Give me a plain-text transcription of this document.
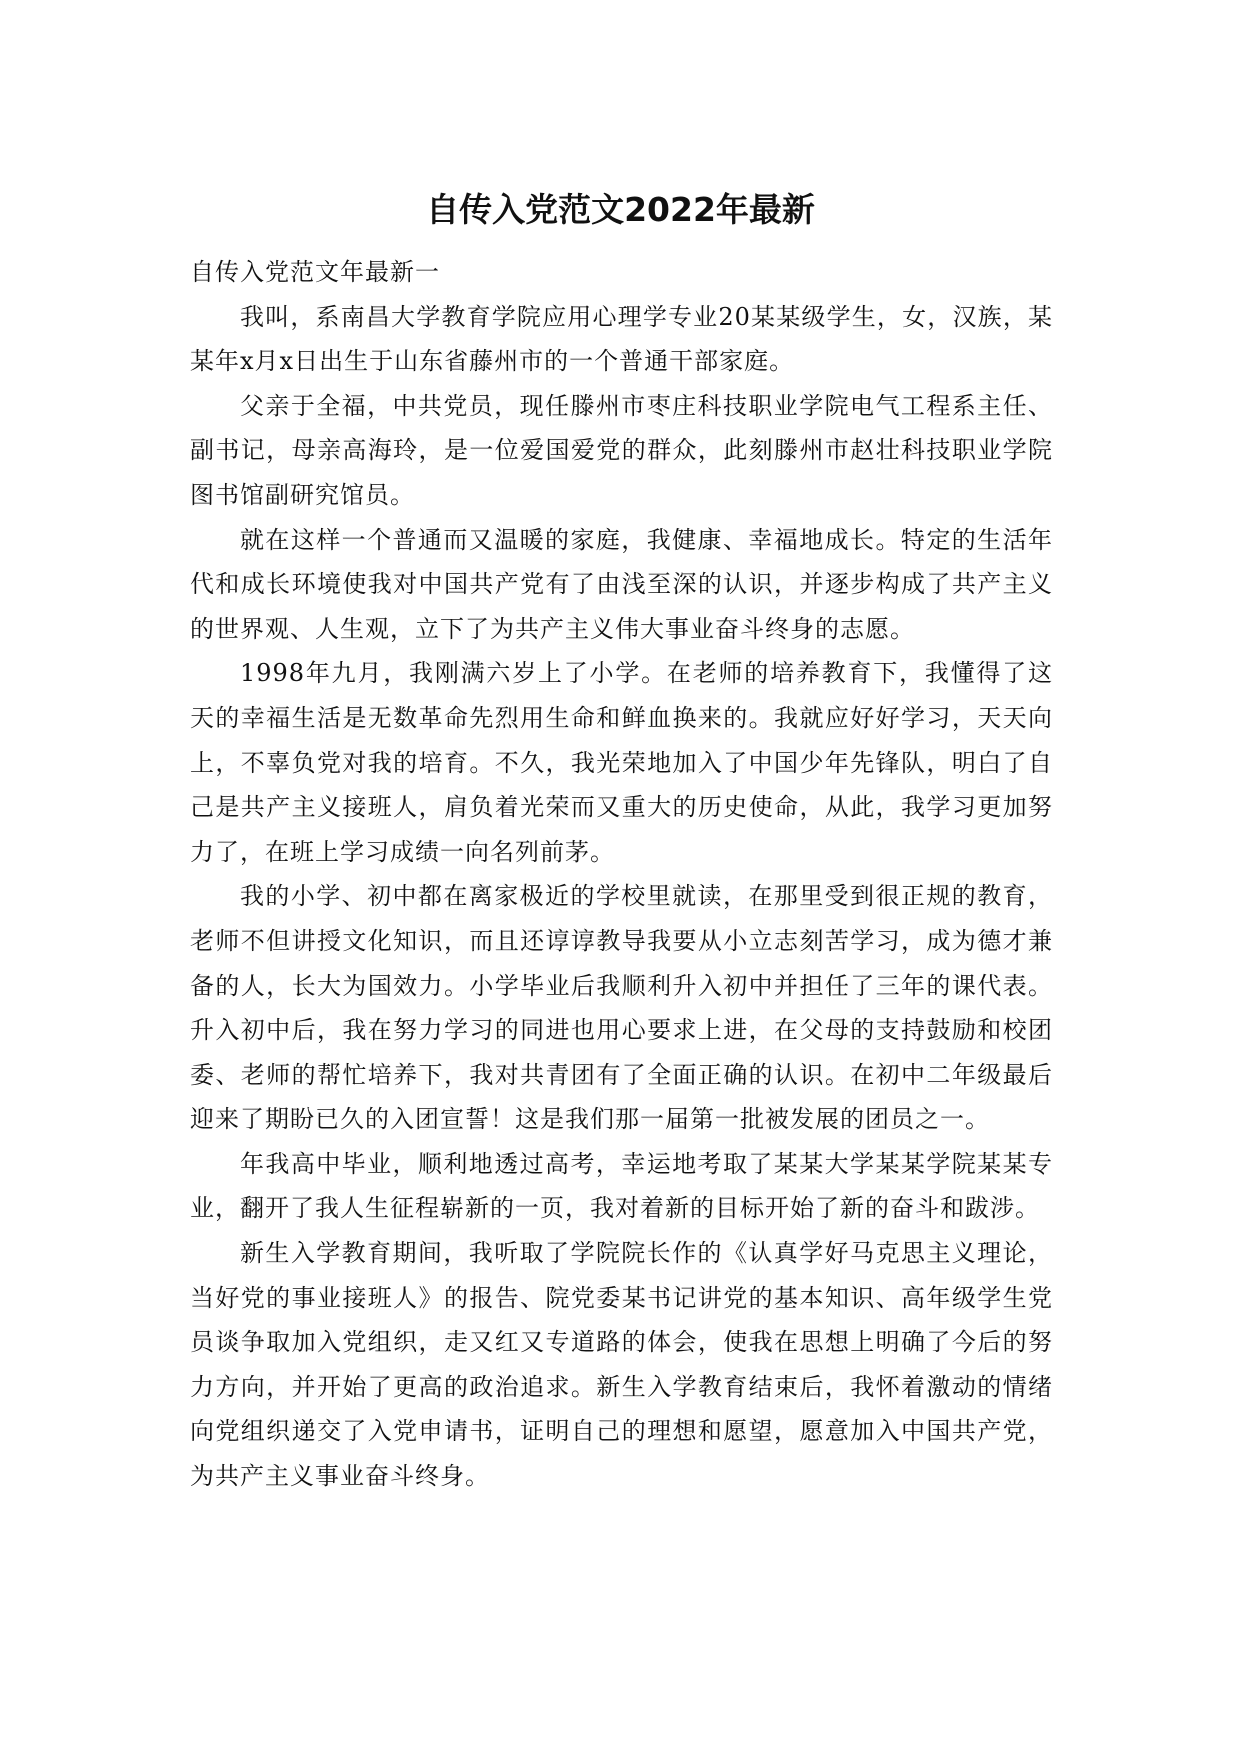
自传入党范文2022年最新

自传入党范文年最新一

我叫，系南昌大学教育学院应用心理学专业20某某级学生，女，汉族，某某年x月x日出生于山东省藤州市的一个普通干部家庭。

父亲于全福，中共党员，现任滕州市枣庄科技职业学院电气工程系主任、副书记，母亲高海玲，是一位爱国爱党的群众，此刻滕州市赵壮科技职业学院图书馆副研究馆员。

就在这样一个普通而又温暖的家庭，我健康、幸福地成长。特定的生活年代和成长环境使我对中国共产党有了由浅至深的认识，并逐步构成了共产主义的世界观、人生观，立下了为共产主义伟大事业奋斗终身的志愿。

1998年九月，我刚满六岁上了小学。在老师的培养教育下，我懂得了这天的幸福生活是无数革命先烈用生命和鲜血换来的。我就应好好学习，天天向上，不辜负党对我的培育。不久，我光荣地加入了中国少年先锋队，明白了自己是共产主义接班人，肩负着光荣而又重大的历史使命，从此，我学习更加努力了，在班上学习成绩一向名列前茅。

我的小学、初中都在离家极近的学校里就读，在那里受到很正规的教育，老师不但讲授文化知识，而且还谆谆教导我要从小立志刻苦学习，成为德才兼备的人，长大为国效力。小学毕业后我顺利升入初中并担任了三年的课代表。升入初中后，我在努力学习的同进也用心要求上进，在父母的支持鼓励和校团委、老师的帮忙培养下，我对共青团有了全面正确的认识。在初中二年级最后迎来了期盼已久的入团宣誓！这是我们那一届第一批被发展的团员之一。

年我高中毕业，顺利地透过高考，幸运地考取了某某大学某某学院某某专业，翻开了我人生征程崭新的一页，我对着新的目标开始了新的奋斗和跋涉。

新生入学教育期间，我听取了学院院长作的《认真学好马克思主义理论，当好党的事业接班人》的报告、院党委某书记讲党的基本知识、高年级学生党员谈争取加入党组织，走又红又专道路的体会，使我在思想上明确了今后的努力方向，并开始了更高的政治追求。新生入学教育结束后，我怀着激动的情绪向党组织递交了入党申请书，证明自己的理想和愿望，愿意加入中国共产党，为共产主义事业奋斗终身。
